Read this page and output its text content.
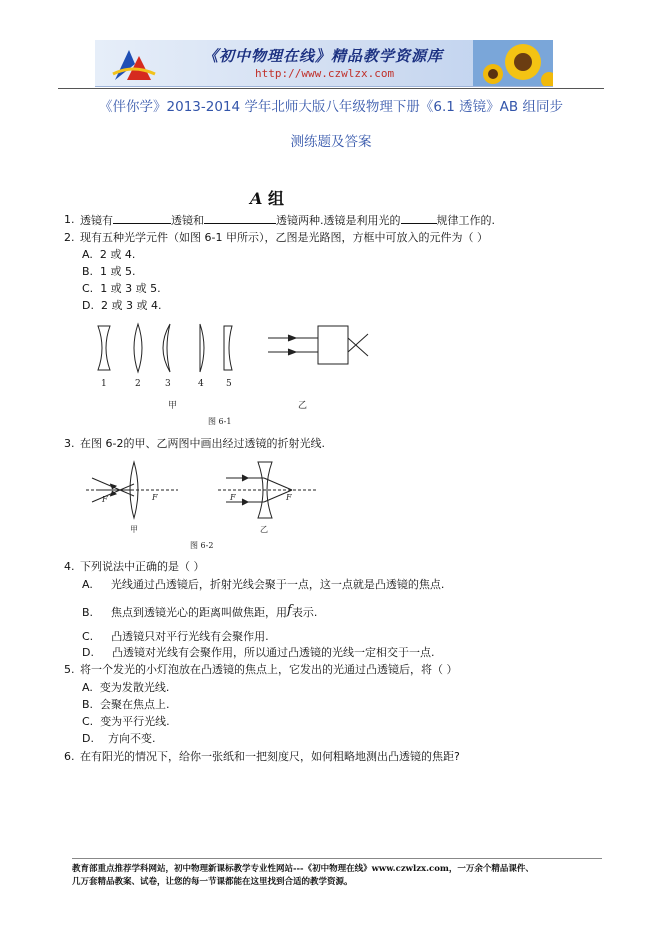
《初中物理在线》精品教学资源库
http://www.czwlzx.com
《伴你学》2013-2014 学年北师大版八年级物理下册《6.1 透镜》AB 组同步
测练题及答案
A 组
1. 透镜有	透镜和	透镜两种.透镜是利用光的	规律工作的.
2. 现有五种光学元件（如图 6-1 甲所示），乙图是光路图，方框中可放入的元件为（ ）
A. 2 或 4.
B. 1 或 5.
C. 1 或 3 或 5.
D. 2 或 3 或 4.
1	2	3	4 5
甲	乙
图 6-1
3. 在图 6-2的甲、乙两图中画出经过透镜的折射光线.
F	F	F	F
甲	乙
图 6-2
4. 下列说法中正确的是（ ）
A. 光线通过凸透镜后，折射光线会聚于一点，这一点就是凸透镜的焦点.
B. 焦点到透镜光心的距离叫做焦距，用f表示.
C. 凸透镜只对平行光线有会聚作用.
D. 凸透镜对光线有会聚作用，所以通过凸透镜的光线一定相交于一点.
5. 将一个发光的小灯泡放在凸透镜的焦点上，它发出的光通过凸透镜后，将（ ）
A. 变为发散光线.
B. 会聚在焦点上.
C. 变为平行光线.
D. 方向不变.
6. 在有阳光的情况下，给你一张纸和一把刻度尺，如何粗略地测出凸透镜的焦距?
教育部重点推荐学科网站，初中物理新课标教学专业性网站---《初中物理在线》www.czwlzx.com，一万余个精品课件、
几万套精品教案、试卷，让您的每一节课都能在这里找到合适的教学资源。
